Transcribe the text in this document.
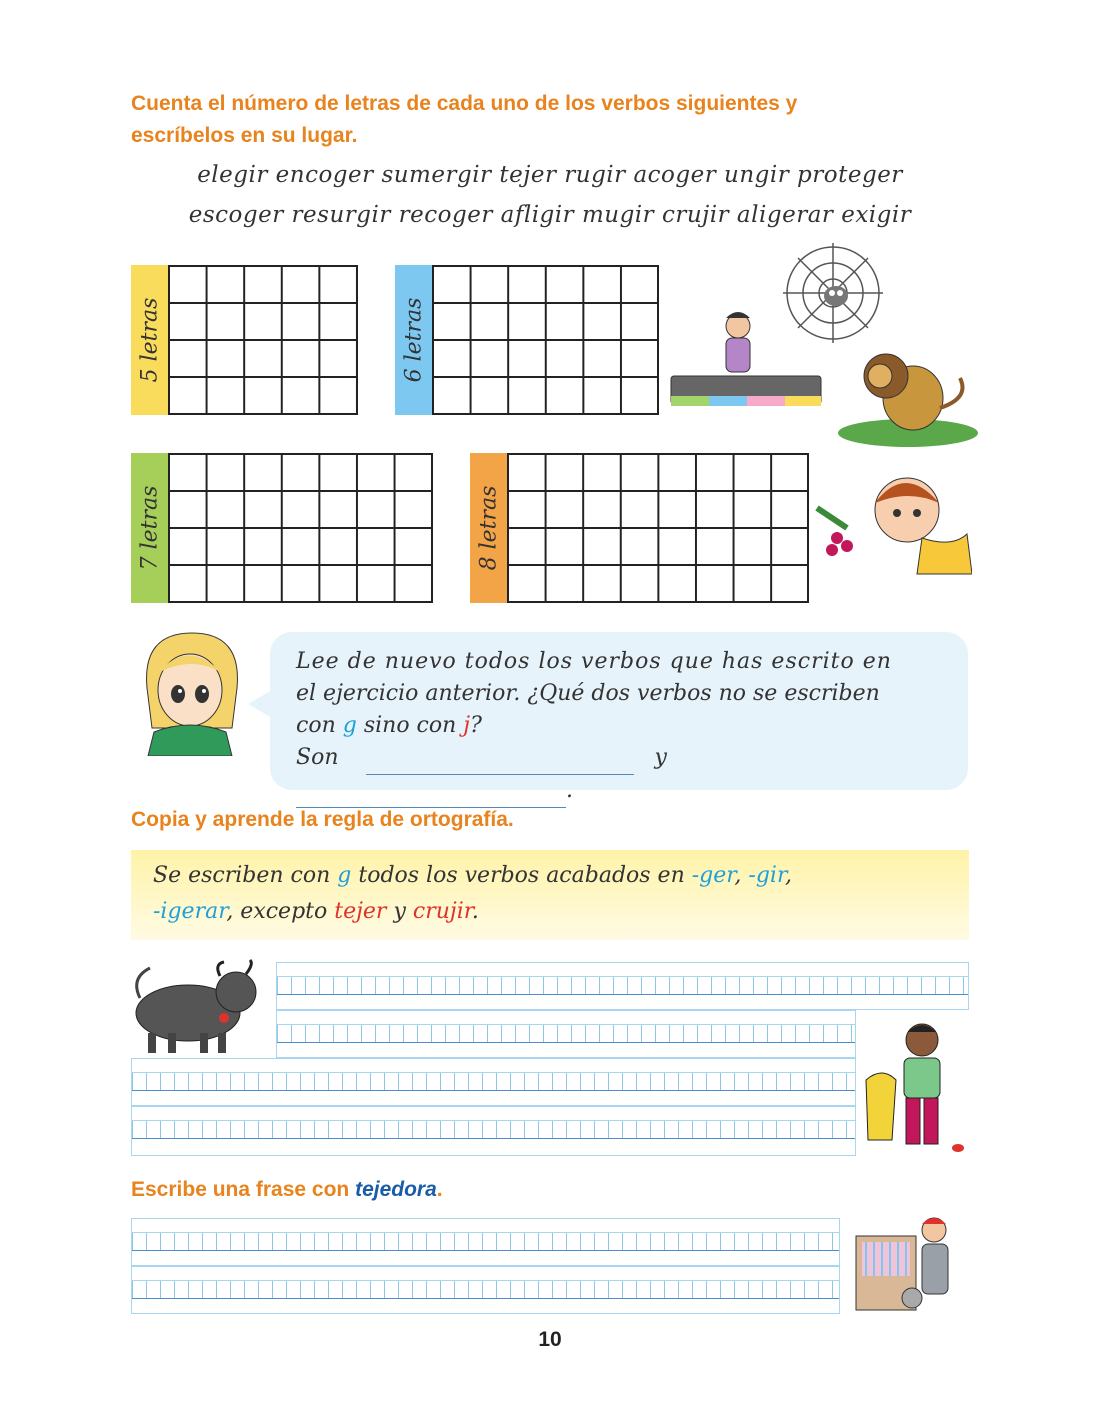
Cuenta el número de letras de cada uno de los verbos siguientes y
escríbelos en su lugar.
elegir encoger sumergir tejer rugir acoger ungir proteger
escoger resurgir recoger afligir mugir crujir aligerar exigir
5 letras	6 letras
7 letras	8 letras
Lee de nuevo todos los verbos que has escrito en
el ejercicio anterior. ¿Qué dos verbos no se escriben
con g sino con j?
Son	y  .
Copia y aprende la regla de ortografía.
Se escriben con g todos los verbos acabados en -ger, -gir,
-igerar, excepto tejer y crujir.
Escribe una frase con tejedora.
10
